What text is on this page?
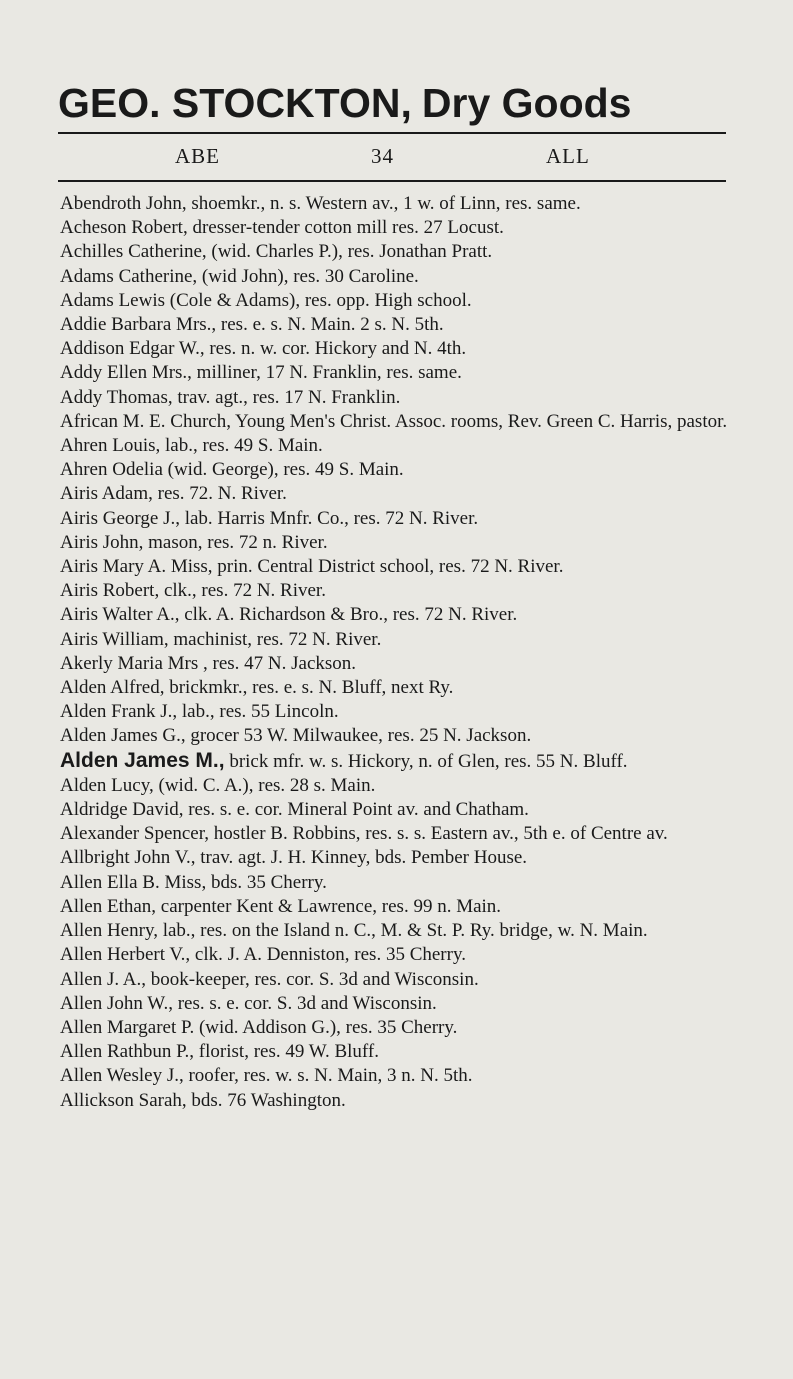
GEO. STOCKTON, Dry Goods
ABE	34	ALL

Abendroth John, shoemkr., n. s. Western av., 1 w. of Linn, res. same.

Acheson Robert, dresser-tender cotton mill res. 27 Locust.

Achilles Catherine, (wid. Charles P.), res. Jonathan Pratt.

Adams Catherine, (wid John), res. 30 Caroline.

Adams Lewis (Cole & Adams), res. opp. High school.

Addie Barbara Mrs., res. e. s. N. Main. 2 s. N. 5th.

Addison Edgar W., res. n. w. cor. Hickory and N. 4th.

Addy Ellen Mrs., milliner, 17 N. Franklin, res. same.

Addy Thomas, trav. agt., res. 17 N. Franklin.

African M. E. Church, Young Men's Christ. Assoc. rooms, Rev. Green C. Harris, pastor.

Ahren Louis, lab., res. 49 S. Main.

Ahren Odelia (wid. George), res. 49 S. Main.

Airis Adam, res. 72. N. River.

Airis George J., lab. Harris Mnfr. Co., res. 72 N. River.

Airis John, mason, res. 72 n. River.

Airis Mary A. Miss, prin. Central District school, res. 72 N. River.

Airis Robert, clk., res. 72 N. River.

Airis Walter A., clk. A. Richardson & Bro., res. 72 N. River.

Airis William, machinist, res. 72 N. River.

Akerly Maria Mrs , res. 47 N. Jackson.

Alden Alfred, brickmkr., res. e. s. N. Bluff, next Ry.

Alden Frank J., lab., res. 55 Lincoln.

Alden James G., grocer 53 W. Milwaukee, res. 25 N. Jackson.

Alden James M., brick mfr. w. s. Hickory, n. of Glen, res. 55 N. Bluff.

Alden Lucy, (wid. C. A.), res. 28 s. Main.

Aldridge David, res. s. e. cor. Mineral Point av. and Chatham.

Alexander Spencer, hostler B. Robbins, res. s. s. Eastern av., 5th e. of Centre av.

Allbright John V., trav. agt. J. H. Kinney, bds. Pember House.

Allen Ella B. Miss, bds. 35 Cherry.

Allen Ethan, carpenter Kent & Lawrence, res. 99 n. Main.

Allen Henry, lab., res. on the Island n. C., M. & St. P. Ry. bridge, w. N. Main.

Allen Herbert V., clk. J. A. Denniston, res. 35 Cherry.

Allen J. A., book-keeper, res. cor. S. 3d and Wisconsin.

Allen John W., res. s. e. cor. S. 3d and Wisconsin.

Allen Margaret P. (wid. Addison G.), res. 35 Cherry.

Allen Rathbun P., florist, res. 49 W. Bluff.

Allen Wesley J., roofer, res. w. s. N. Main, 3 n. N. 5th.

Allickson Sarah, bds. 76 Washington.
